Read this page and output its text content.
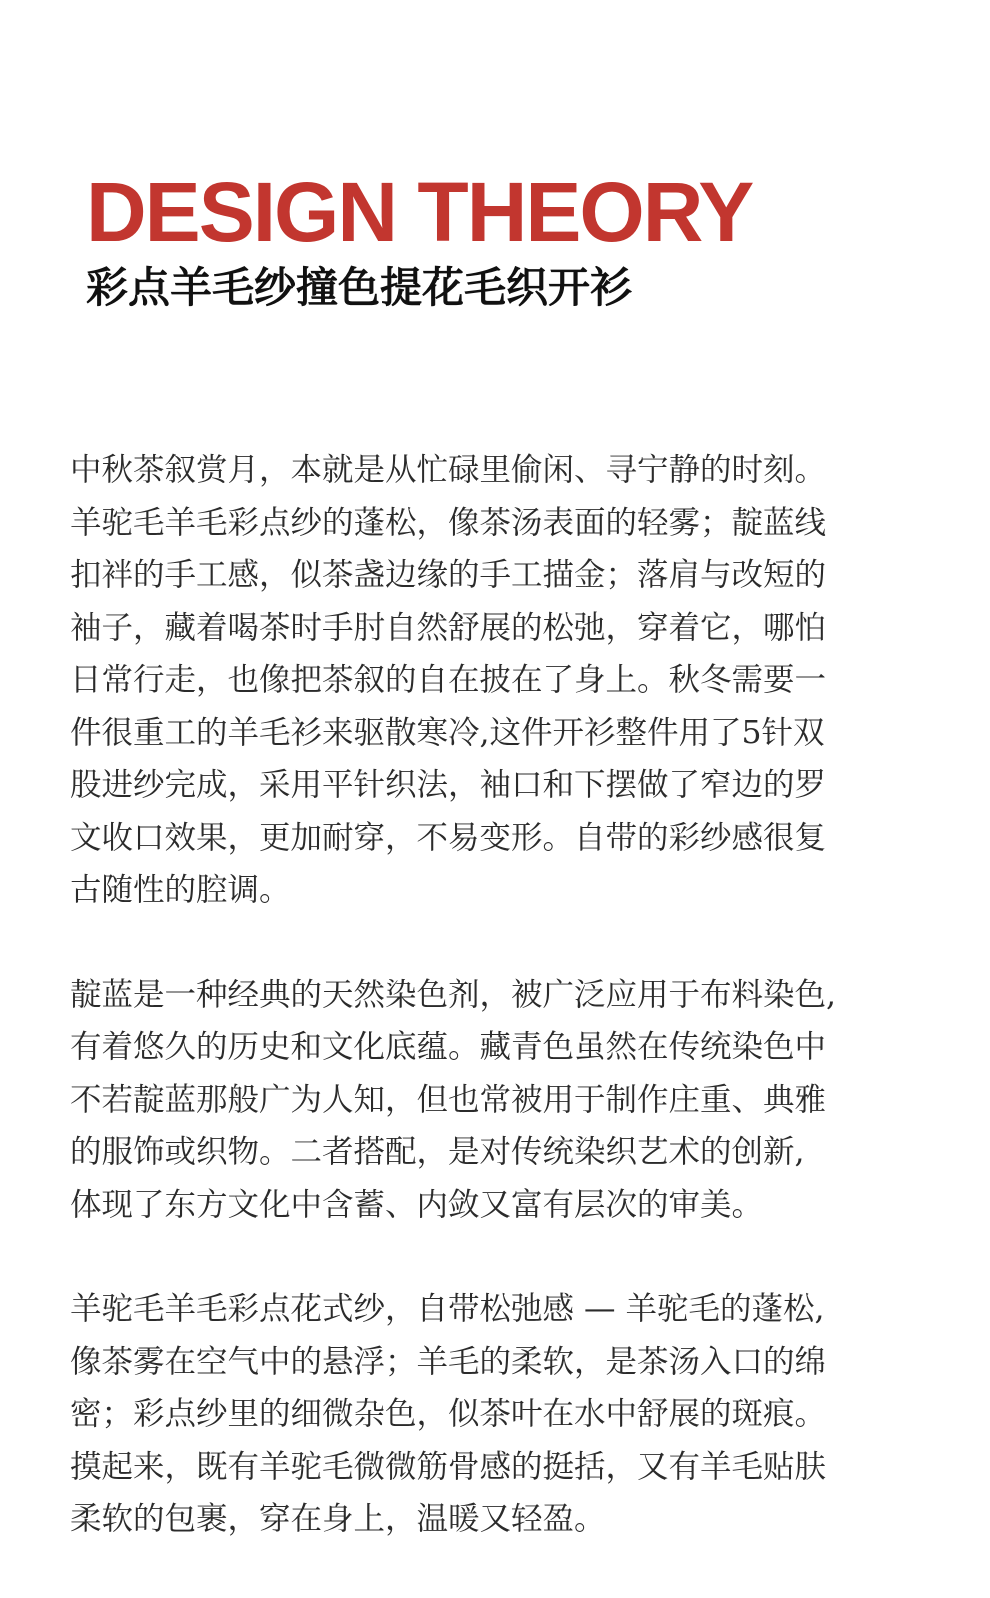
DESIGN THEORY
彩点羊毛纱撞色提花毛织开衫

中秋茶叙赏月，本就是从忙碌里偷闲、寻宁静的时刻。
羊驼毛羊毛彩点纱的蓬松，像茶汤表面的轻雾；靛蓝线
扣袢的手工感，似茶盏边缘的手工描金；落肩与改短的
袖子，藏着喝茶时手肘自然舒展的松弛，穿着它，哪怕
日常行走，也像把茶叙的自在披在了身上。秋冬需要一
件很重工的羊毛衫来驱散寒冷,这件开衫整件用了5针双
股进纱完成，采用平针织法，袖口和下摆做了窄边的罗
文收口效果，更加耐穿，不易变形。自带的彩纱感很复
古随性的腔调。

靛蓝是一种经典的天然染色剂，被广泛应用于布料染色,
有着悠久的历史和文化底蕴。藏青色虽然在传统染色中
不若靛蓝那般广为人知，但也常被用于制作庄重、典雅
的服饰或织物。二者搭配，是对传统染织艺术的创新,
体现了东方文化中含蓄、内敛又富有层次的审美。

羊驼毛羊毛彩点花式纱，自带松弛感 — 羊驼毛的蓬松,
像茶雾在空气中的悬浮；羊毛的柔软，是茶汤入口的绵
密；彩点纱里的细微杂色，似茶叶在水中舒展的斑痕。
摸起来，既有羊驼毛微微筋骨感的挺括，又有羊毛贴肤
柔软的包裹，穿在身上，温暖又轻盈。
